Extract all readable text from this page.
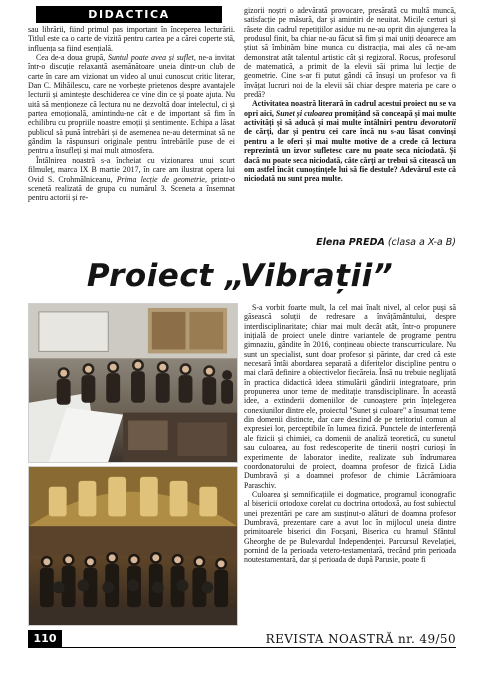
DIDACTICA

sau librării, fiind primul pas important în începerea lecturării. Titlul este ca o carte de vizită pentru cartea pe a cărei coperte stă, influența sa fiind esențială.

Cea de-a doua grupă, Suntul poate avea și suflet, ne-a invitat într-o discuție relaxantă asemănătoare uneia dintr-un club de carte în care am vizionat un video al unui cunoscut critic literar, Dan C. Mihăilescu, care ne vorbește prietenos despre avantajele lecturii și amintește deschiderea ce vine din ce și poate ajuta. Nu uită să menționeze că lectura nu ne dezvoltă doar intelectul, ci și partea emoțională, amintindu-ne căt e de important să fim în echilibru cu propriile noastre emoții și sentimente. Echipa a lăsat publicul să pună întrebări și de asemenea ne-au determinat să ne gândim la răspunsuri originale pentru întrebările puse de ei pentru a însufleți și mai mult atmosfera.

Întâlnirea noastră s-a încheiat cu vizionarea unui scurt filmuleț, marca IX B martie 2017, în care am ilustrat opera lui Ovid S. Crohmălniceanu, Prima lecție de geometrie, printr-o scenetă realizată de grupa cu numărul 3. Sceneta a însemnat pentru actorii și re-

gizorii noștri o adevărată provocare, presărată cu multă muncă, satisfacție pe măsură, dar și amintiri de neuitat. Micile certuri și râsete din cadrul repetițiilor asidue nu ne-au oprit din ajungerea la produsul finit, ba chiar ne-au făcut să fim și mai uniți deoarece am știut să îmbinăm bine munca cu distracția, mai ales că ne-am demonstrat atât talentul artistic cât și regizoral. Rocus, profesorul de matematică, a primit de la elevii săi prima lui lecție de geometrie. Cine s-ar fi putut gândi că însuși un profesor va fi învățat lucruri noi de la elevii săi chiar despre materia pe care o predă?

Activitatea noastră literară în cadrul acestui proiect nu se va opri aici, Sunet și culoarea promițând să conceapă și mai multe activități și să aducă și mai multe întâlniri pentru devoratorii de cărți, dar și pentru cei care încă nu s-au lăsat convinși pentru a le oferi și mai multe motive de a crede că lectura reprezintă un izvor sufletesc care nu poate seca niciodată. Și dacă nu poate seca niciodată, câte cărți ar trebui să citească un om astfel încât cunoștințele lui să fie destule? Adevărul este că niciodată nu sunt prea multe.

Elena PREDA (clasa a X-a B)
Proiect „Vibrații”

S-a vorbit foarte mult, la cel mai înalt nivel, al celor puși să găsească soluții de redresare a învățământului, despre interdisciplinaritate; chiar mai mult decât atât, într-o propunere inițială de proiect unele dintre variantele de programe pentru gimnaziu, gândite în 2016, conțineau obiecte transcurriculare. Nu sunt un specialist, sunt doar profesor și părinte, dar cred că este necesară întâi abordarea separată a diferitelor discipline pentru o mai clară definire a obiectivelor fiecăreia. Însă nu trebuie neglijată în practica didactică ideea stimulării gândirii integratoare, prin propunerea unor teme de meditație transdisciplinare. În această idee, a extinderii domeniilor de cunoaștere prin înțelegerea conexiunilor dintre ele, proiectul "Sunet și culoare" a însumat teme din domenii distincte, dar care descind de pe teritoriul comun al expresiei lor, perceptibile în lumea fizică. Punctele de interferență ale fizicii și chimiei, ca domenii de analiză teoretică, cu sunetul sau culoarea, au fost redescoperite de tinerii noștri curioși în experimente de laborator inedite, realizate sub îndrumarea coordonatorului de proiect, doamna profesor de fizică Lidia Dumbravă și a doamnei profesor de chimie Lăcrămioara Paraschiv.

Culoarea și semnificațiile ei dogmatice, programul iconografic al bisericii ortodoxe corelat cu doctrina ortodoxă, au fost subiectul unei prezentări pe care am susținut-o alături de doamna profesor Dumbravă, prezentare care a avut loc în mijlocul uneia dintre primitoarele biserici din Focșani, Biserica cu hramul Sfântul Gheorghe de pe Bulevardul Independenței. Parcursul Revelației, pornind de la perioada vetero-testamentară, trecând prin perioada noutestamentară, dar și perioada de după Parusie, poate fi

110	REVISTA NOASTRĂ nr. 49/50
